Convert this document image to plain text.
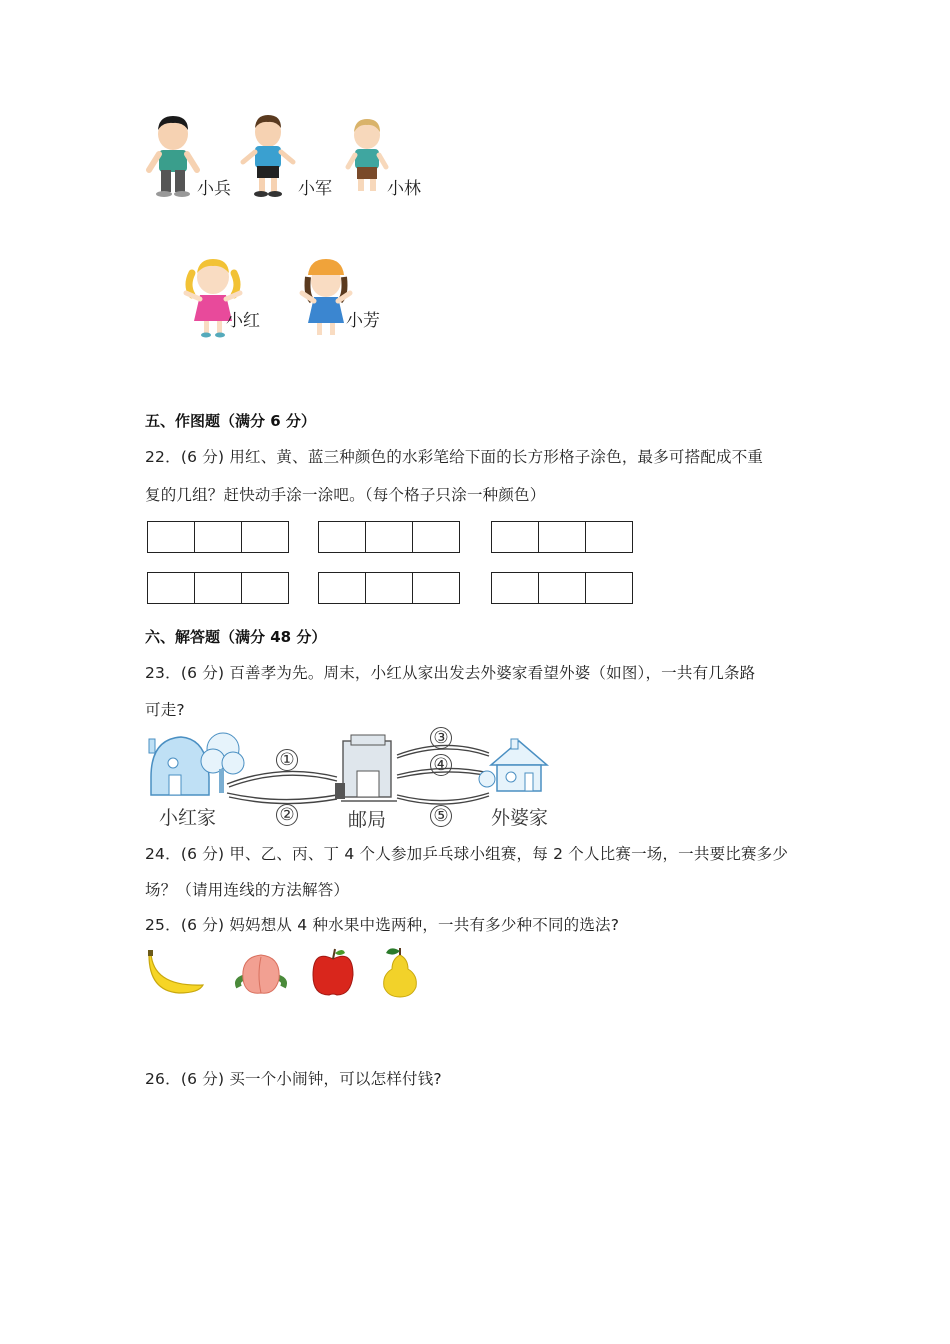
小兵	小军	小林
小红	小芳
五、作图题（满分 6 分）
22．(6 分) 用红、黄、蓝三种颜色的水彩笔给下面的长方形格子涂色，最多可搭配成不重
复的几组？赶快动手涂一涂吧。（每个格子只涂一种颜色）
六、解答题（满分 48 分）
23．(6 分) 百善孝为先。周末，小红从家出发去外婆家看望外婆（如图），一共有几条路
可走?
①
②
③
④
⑤
小红家	邮局	外婆家
24．(6 分) 甲、乙、丙、丁 4 个人参加乒乓球小组赛，每 2 个人比赛一场，一共要比赛多少
场？（请用连线的方法解答）
25．(6 分) 妈妈想从 4 种水果中选两种，一共有多少种不同的选法?
26．(6 分) 买一个小闹钟，可以怎样付钱?
